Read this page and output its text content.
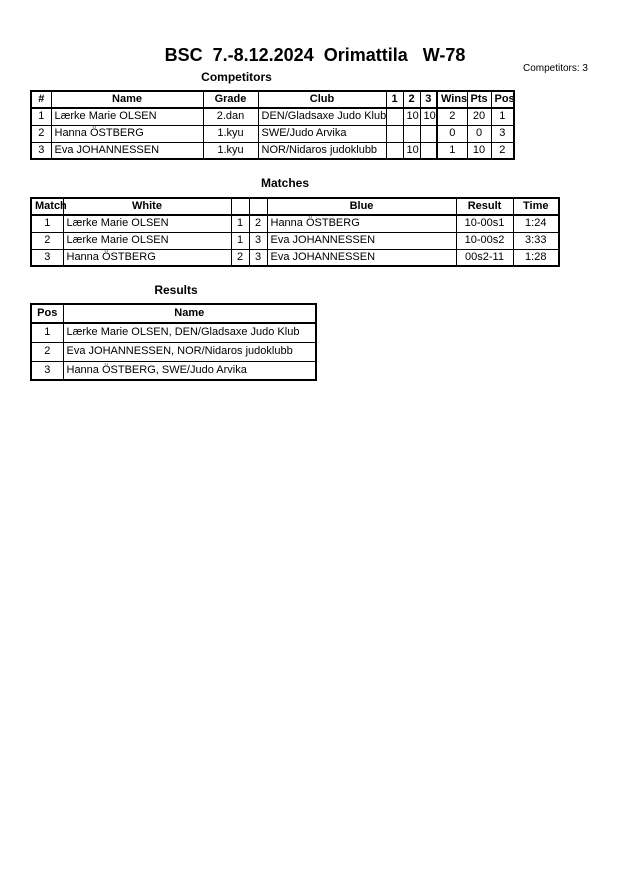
BSC  7.-8.12.2024  Orimattila   W-78
Competitors: 3
Competitors
#	Name	Grade	Club	1	2	3	Wins	Pts	Pos
1	Lærke Marie OLSEN	2.dan	DEN/Gladsaxe Judo Klub		10	10	2	20	1
2	Hanna ÖSTBERG	1.kyu	SWE/Judo Arvika				0	0	3
3	Eva JOHANNESSEN	1.kyu	NOR/Nidaros judoklubb		10		1	10	2
Matches
Match	White			Blue	Result	Time
1	Lærke Marie OLSEN	1	2	Hanna ÖSTBERG	10-00s1	1:24
2	Lærke Marie OLSEN	1	3	Eva JOHANNESSEN	10-00s2	3:33
3	Hanna ÖSTBERG	2	3	Eva JOHANNESSEN	00s2-11	1:28
Results
Pos	Name
1	Lærke Marie OLSEN, DEN/Gladsaxe Judo Klub
2	Eva JOHANNESSEN, NOR/Nidaros judoklubb
3	Hanna ÖSTBERG, SWE/Judo Arvika
